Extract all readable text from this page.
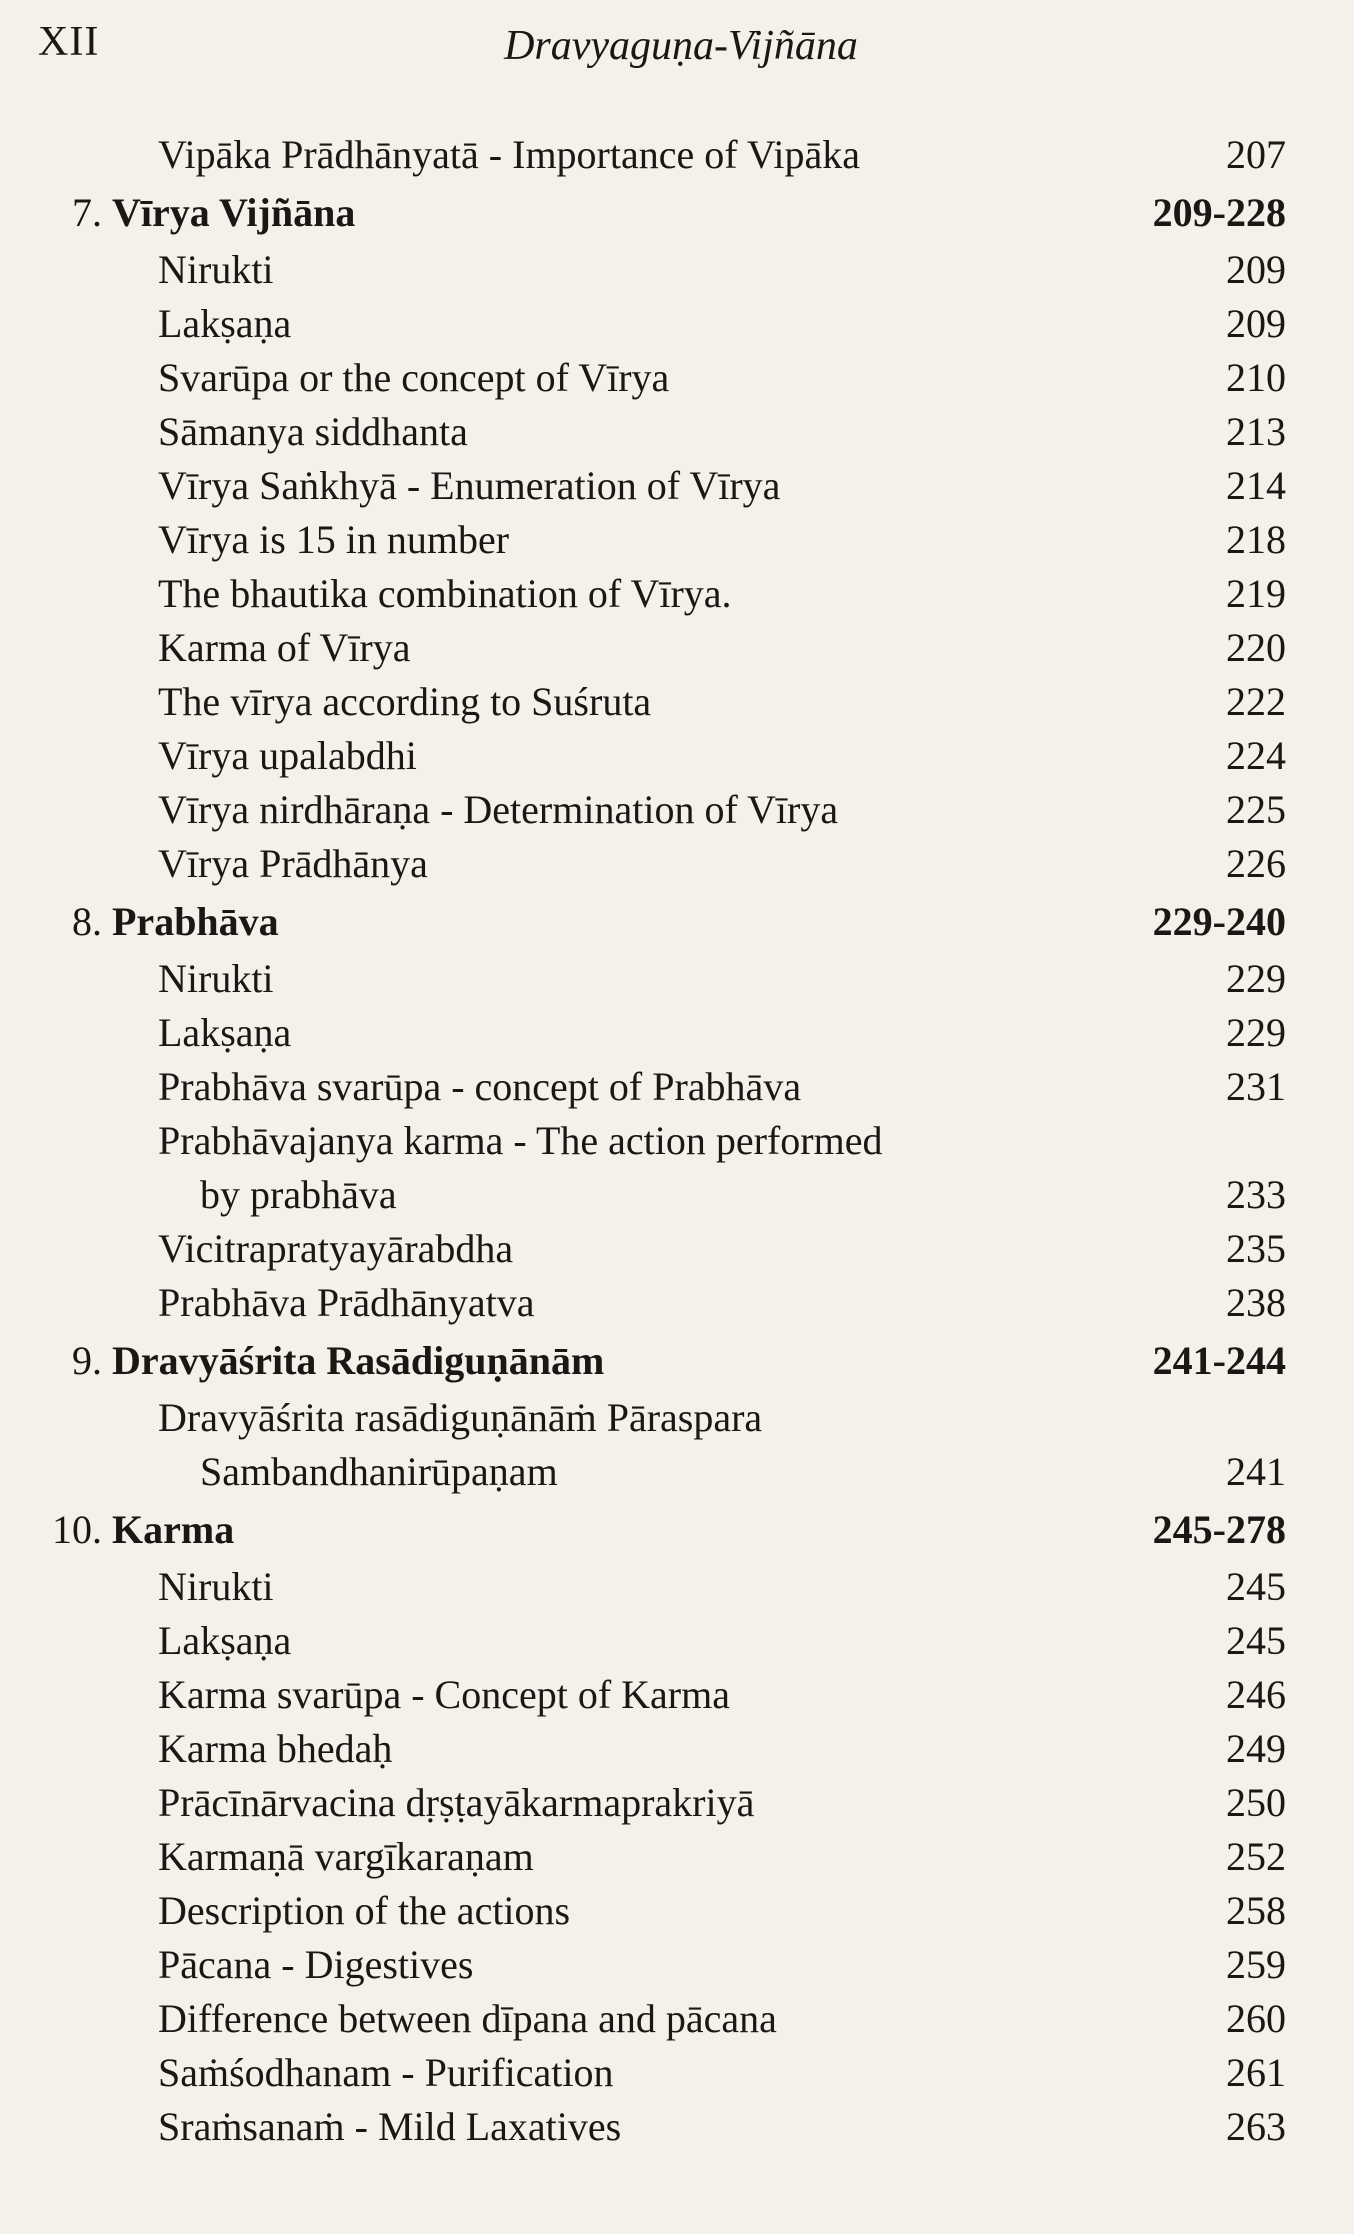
XII	Dravyaguṇa-Vijñāna
Vipāka Prādhānyatā - Importance of Vipāka	207
7. Vīrya Vijñāna	209-228
Nirukti	209
Lakṣaṇa	209
Svarūpa or the concept of Vīrya	210
Sāmanya siddhanta	213
Vīrya Saṅkhyā - Enumeration of Vīrya	214
Vīrya is 15 in number	218
The bhautika combination of Vīrya.	219
Karma of Vīrya	220
The vīrya according to Suśruta	222
Vīrya upalabdhi	224
Vīrya nirdhāraṇa - Determination of Vīrya	225
Vīrya Prādhānya	226
8. Prabhāva	229-240
Nirukti	229
Lakṣaṇa	229
Prabhāva svarūpa - concept of Prabhāva	231
Prabhāvajanya karma - The action performed
by prabhāva	233
Vicitrapratyayārabdha	235
Prabhāva Prādhānyatva	238
9. Dravyāśrita Rasādiguṇānām	241-244
Dravyāśrita rasādiguṇānāṁ Pāraspara
Sambandhanirūpaṇam	241
10. Karma	245-278
Nirukti	245
Lakṣaṇa	245
Karma svarūpa - Concept of Karma	246
Karma bhedaḥ	249
Prācīnārvacina dṛṣṭayākarmaprakriyā	250
Karmaṇā vargīkaraṇam	252
Description of the actions	258
Pācana - Digestives	259
Difference between dīpana and pācana	260
Saṁśodhanam - Purification	261
Sraṁsanaṁ - Mild Laxatives	263
